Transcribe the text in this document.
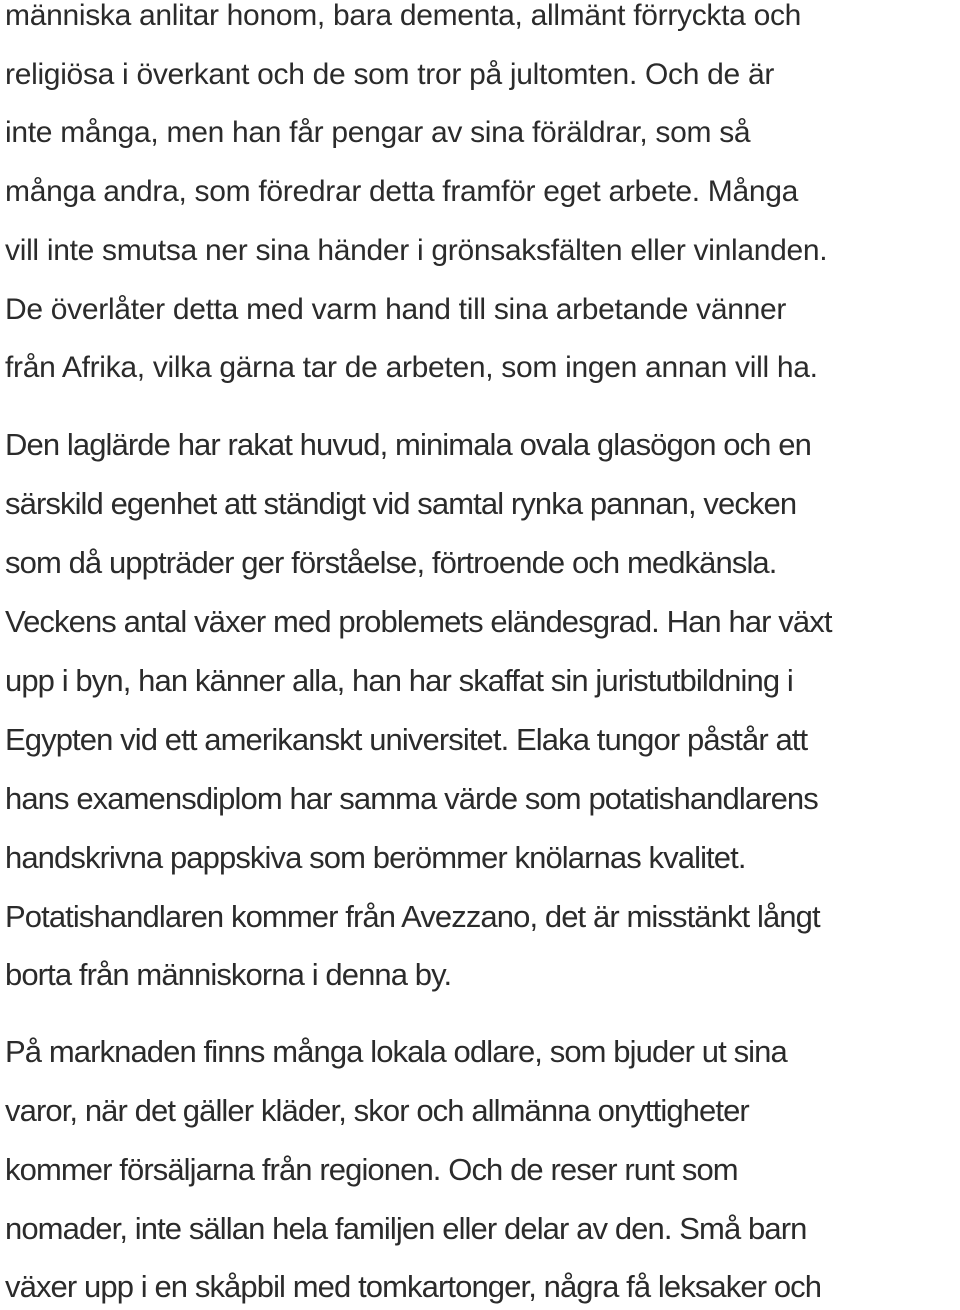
människa anlitar honom, bara dementa, allmänt förryckta och
religiösa i överkant och de som tror på jultomten. Och de är
inte många, men han får pengar av sina föräldrar, som så
många andra, som föredrar detta framför eget arbete. Många
vill inte smutsa ner sina händer i grönsaksfälten eller vinlanden.
De överlåter detta med varm hand till sina arbetande vänner
från Afrika, vilka gärna tar de arbeten, som ingen annan vill ha.
Den laglärde har rakat huvud, minimala ovala glasögon och en
särskild egenhet att ständigt vid samtal rynka pannan, vecken
som då uppträder ger förståelse, förtroende och medkänsla.
Veckens antal växer med problemets eländesgrad. Han har växt
upp i byn, han känner alla, han har skaffat sin juristutbildning i
Egypten vid ett amerikanskt universitet. Elaka tungor påstår att
hans examensdiplom har samma värde som potatishandlarens
handskrivna pappskiva som berömmer knölarnas kvalitet.
Potatishandlaren kommer från Avezzano, det är misstänkt långt
borta från människorna i denna by.
På marknaden finns många lokala odlare, som bjuder ut sina
varor, när det gäller kläder, skor och allmänna onyttigheter
kommer försäljarna från regionen. Och de reser runt som
nomader, inte sällan hela familjen eller delar av den. Små barn
växer upp i en skåpbil med tomkartonger, några få leksaker och
